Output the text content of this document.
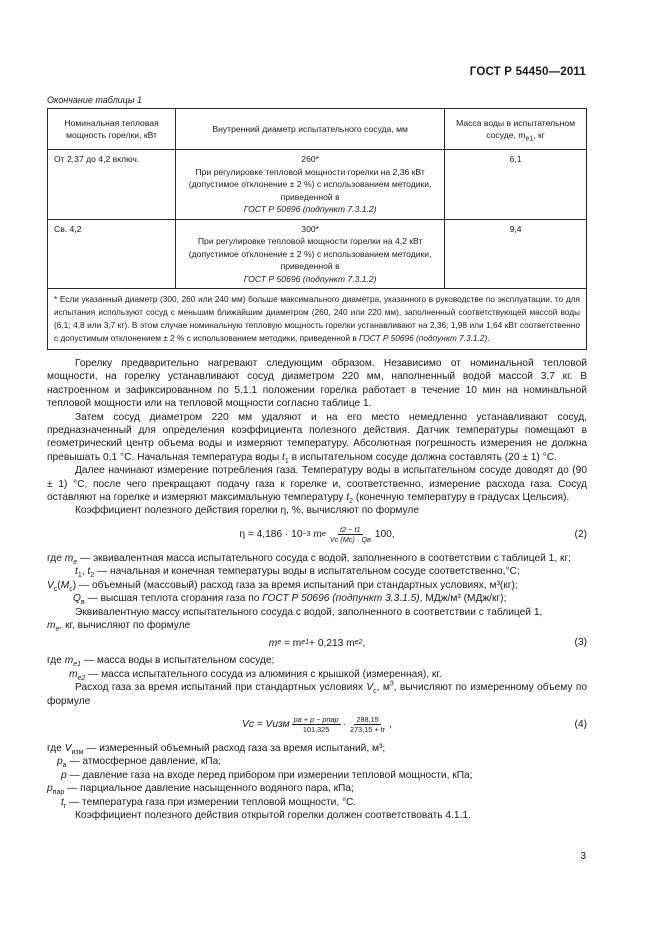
ГОСТ Р 54450—2011
Окончание таблицы 1
Номинальная тепловая мощность горелки, кВт	Внутренний диаметр испытательного сосуда, мм	Масса воды в испытательном сосуде, $m_{e1}$, кг
От 2,37 до 4,2 включ.	260*
При регулировке тепловой мощности горелки на 2,36 кВт (допустимое отклонение ± 2 %) с использованием методики, приведенной в
ГОСТ Р 50696 (подпункт 7.3.1.2)	6,1
Св. 4,2	300*
При регулировке тепловой мощности горелки на 4,2 кВт (допустимое отклонение ± 2 %) с использованием методики, приведенной в
ГОСТ Р 50696 (подпункт 7.3.1.2)	9,4
* Если указанный диаметр (300, 260 или 240 мм) больше максимального диаметра, указанного в руководстве по эксплуатации, то для испытания используют сосуд с меньшим ближайшим диаметром (260, 240 или 220 мм), заполненный соответствующей массой воды (6,1; 4,8 или 3,7 кг). В этом случае номинальную тепловую мощность горелки устанавливают на 2,36; 1,98 или 1,64 кВт соответственно с допустимым отклонением ± 2 % с использованием методики, приведенной в ГОСТ Р 50696 (подпункт 7.3.1.2).		

Горелку предварительно нагревают следующим образом. Независимо от номинальной тепловой мощности, на горелку устанавливают сосуд диаметром 220 мм, наполненный водой массой 3,7 кг. В настроенном и зафиксированном по 5.1.1 положении горелка работает в течение 10 мин на номинальной тепловой мощности или на тепловой мощности согласно таблице 1.

Затем сосуд диаметром 220 мм удаляют и на его место немедленно устанавливают сосуд, предназначенный для определения коэффициента полезного действия. Датчик температуры помещают в геометрический центр объема воды и измеряют температуру. Абсолютная погрешность измерения не должна превышать 0,1 °С. Начальная температура воды $t_1$ в испытательном сосуде должна составлять (20 ± 1) °С.

Далее начинают измерение потребления газа. Температуру воды в испытательном сосуде доводят до (90 ± 1) °С, после чего прекращают подачу газа к горелке и, соответственно, измерение расхода газа. Сосуд оставляют на горелке и измеряют максимальную температуру $t_2$ (конечную температуру в градусах Цельсия).

Коэффициент полезного действия горелки η, %, вычисляют по формуле

η = 4,186 · 10 −3
m e $\frac{t2 - t1}{Vc (Mc) \cdot Qв} 100$,	(2)

где $m_e$ — эквивалентная масса испытательного сосуда с водой, заполненного в соответствии с таблицей 1, кг;

$t_1$, $t_2$ — начальная и конечная температуры воды в испытательном сосуде соответственно,°С;

$V_c(M_c)$ — объемный (массовый) расход газа за время испытаний при стандартных условиях, м³(кг);

$Q_в$ — высшая теплота сгорания газа по ГОСТ Р 50696 (подпункт 3.3.1.5), МДж/м³ (МДж/кг);

Эквивалентную массу испытательного сосуда с водой, заполненного в соответствии с таблицей 1,

$m_e$, кг, вычисляют по формуле

m e
= m e1 + 0,213 m e2 ,	(3)

где $m_{e1}$ — масса воды в испытательном сосуде;

$m_{e2}$ — масса испытательного сосуда из алюминия с крышкой (измеренная), кг.

Расход газа за время испытаний при стандартных условиях $V_c$, $м^3$, вычисляют по измеренному объему по формуле

Vc = Vизм $\frac{\text{pa + p − pпар}}{101,325} \cdot \frac{288,15}{273,15 + tr}$ ,	(4)

где $V_{изм}$ — измеренный объемный расход газа за время испытаний, м³;

$p_a$ — атмосферное давление, кПа;

p — давление газа на входе перед прибором при измерении тепловой мощности, кПа;

$p_{пар}$ — парциальное давление насыщенного водяного пара, кПа;

$t_r$ — температура газа при измерении тепловой мощности, °С.

Коэффициент полезного действия открытой горелки должен соответствовать 4.1.1.

3
